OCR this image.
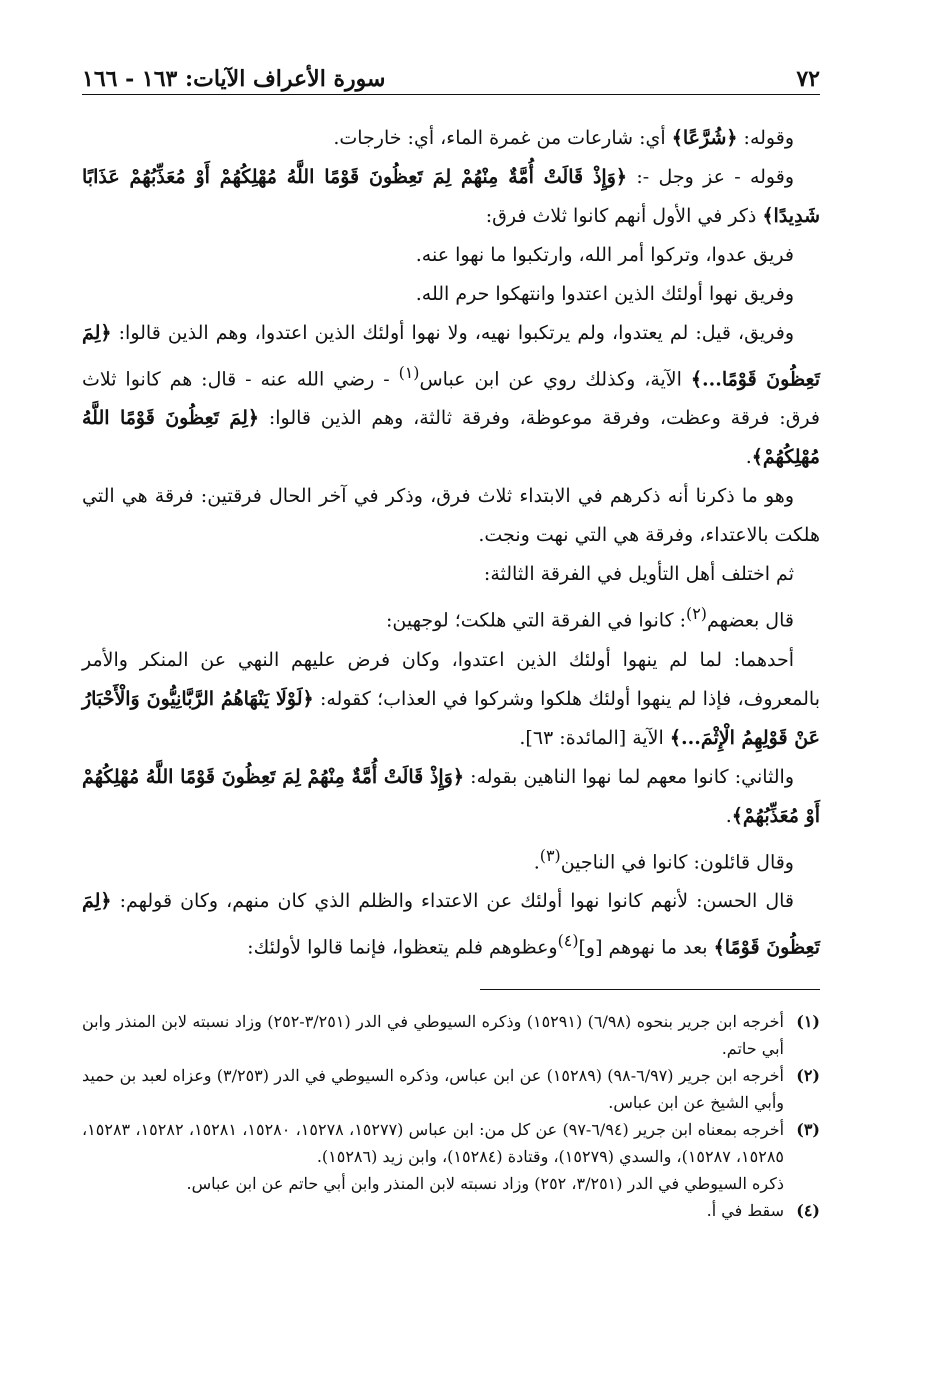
٧٢
سورة الأعراف الآيات: ١٦٣ - ١٦٦

وقوله: ﴿شُرَّعًا﴾ أي: شارعات من غمرة الماء، أي: خارجات.

وقوله - عز وجل -: ﴿وَإِذْ قَالَتْ أُمَّةٌ مِنْهُمْ لِمَ تَعِظُونَ قَوْمًا اللَّهُ مُهْلِكُهُمْ أَوْ مُعَذِّبُهُمْ عَذَابًا شَدِيدًا﴾ ذكر في الأول أنهم كانوا ثلاث فرق:

فريق عدوا، وتركوا أمر الله، وارتكبوا ما نهوا عنه.

وفريق نهوا أولئك الذين اعتدوا وانتهكوا حرم الله.

وفريق، قيل: لم يعتدوا، ولم يرتكبوا نهيه، ولا نهوا أولئك الذين اعتدوا، وهم الذين قالوا: ﴿لِمَ تَعِظُونَ قَوْمًا...﴾ الآية، وكذلك روي عن ابن عباس$^{(١)}$ - رضي الله عنه - قال: هم كانوا ثلاث فرق: فرقة وعظت، وفرقة موعوظة، وفرقة ثالثة، وهم الذين قالوا: ﴿لِمَ تَعِظُونَ قَوْمًا اللَّهُ مُهْلِكُهُمْ﴾.

وهو ما ذكرنا أنه ذكرهم في الابتداء ثلاث فرق، وذكر في آخر الحال فرقتين: فرقة هي التي هلكت بالاعتداء، وفرقة هي التي نهت ونجت.

ثم اختلف أهل التأويل في الفرقة الثالثة:

قال بعضهم$^{(٢)}$: كانوا في الفرقة التي هلكت؛ لوجهين:

أحدهما: لما لم ينهوا أولئك الذين اعتدوا، وكان فرض عليهم النهي عن المنكر والأمر بالمعروف، فإذا لم ينهوا أولئك هلكوا وشركوا في العذاب؛ كقوله: ﴿لَوْلَا يَنْهَاهُمُ الرَّبَّانِيُّونَ وَالْأَحْبَارُ عَنْ قَوْلِهِمُ الْإِثْمَ...﴾ الآية [المائدة: ٦٣].

والثاني: كانوا معهم لما نهوا الناهين بقوله: ﴿وَإِذْ قَالَتْ أُمَّةٌ مِنْهُمْ لِمَ تَعِظُونَ قَوْمًا اللَّهُ مُهْلِكُهُمْ أَوْ مُعَذِّبُهُمْ﴾.

وقال قائلون: كانوا في الناجين$^{(٣)}$.

قال الحسن: لأنهم كانوا نهوا أولئك عن الاعتداء والظلم الذي كان منهم، وكان قولهم: ﴿لِمَ تَعِظُونَ قَوْمًا﴾ بعد ما نهوهم [و]$^{(٤)}$وعظوهم فلم يتعظوا، فإنما قالوا لأولئك:

(١)
أخرجه ابن جرير بنحوه (٦/٩٨) (١٥٢٩١) وذكره السيوطي في الدر (٣/٢٥١-٢٥٢) وزاد نسبته لابن المنذر وابن أبي حاتم.
(٢)
أخرجه ابن جرير (٦/٩٧-٩٨) (١٥٢٨٩) عن ابن عباس، وذكره السيوطي في الدر (٣/٢٥٣) وعزاه لعبد بن حميد وأبي الشيخ عن ابن عباس.
(٣)
أخرجه بمعناه ابن جرير (٦/٩٤-٩٧) عن كل من: ابن عباس (١٥٢٧٧، ١٥٢٧٨، ١٥٢٨٠، ١٥٢٨١، ١٥٢٨٢، ١٥٢٨٣، ١٥٢٨٥، ١٥٢٨٧)، والسدي (١٥٢٧٩)، وقتادة (١٥٢٨٤)، وابن زيد (١٥٢٨٦).
ذكره السيوطي في الدر (٣/٢٥١، ٢٥٢) وزاد نسبته لابن المنذر وابن أبي حاتم عن ابن عباس.
(٤)
سقط في أ.
